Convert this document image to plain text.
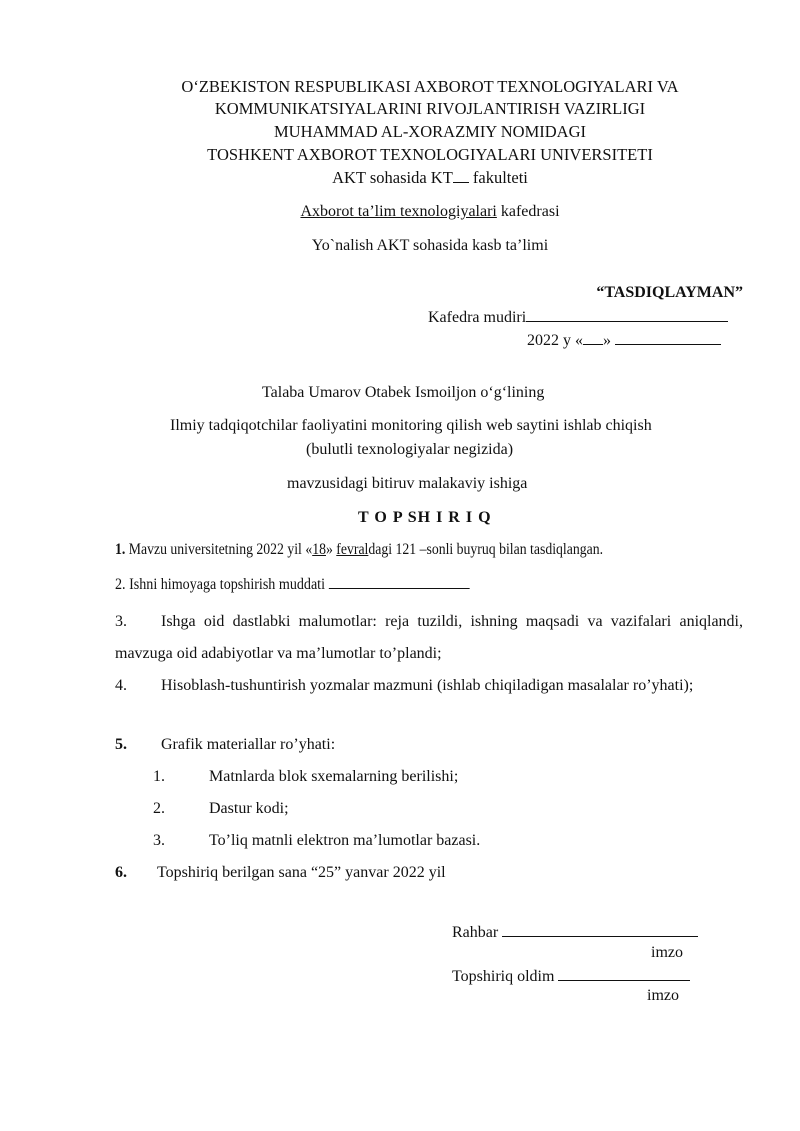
O‘ZBEKISTON RESPUBLIKASI AXBOROT TEXNOLOGIYALARI VA
KOMMUNIKATSIYALARINI RIVOJLANTIRISH VAZIRLIGI
MUHAMMAD AL-XORAZMIY NOMIDAGI
TOSHKENT AXBOROT TEXNOLOGIYALARI UNIVERSITETI
AKT sohasida KT fakulteti
Axborot ta’lim texnologiyalari kafedrasi
Yo`nalish AKT sohasida kasb ta’limi
“TASDIQLAYMAN”
Kafedra mudiri
2022 y « »
Talaba Umarov Otabek Ismoiljon o‘g‘lining
Ilmiy tadqiqotchilar faoliyatini monitoring qilish web saytini ishlab chiqish
(bulutli texnologiyalar negizida)
mavzusidagi bitiruv malakaviy ishiga
T O P SH I R I Q
1. Mavzu universitetning 2022 yil «18» fevraldagi 121 –sonli buyruq bilan tasdiqlangan.
2. Ishni himoyaga topshirish muddati
3. Ishga oid dastlabki malumotlar: reja tuzildi, ishning maqsadi va vazifalari aniqlandi, mavzuga oid adabiyotlar va ma’lumotlar to’plandi;
4. Hisoblash-tushuntirish yozmalar mazmuni (ishlab chiqiladigan masalalar ro’yhati);
5. Grafik materiallar ro’yhati:
1.	Matnlarda blok sxemalarning berilishi;
2.	Dastur kodi;
3.	To’liq matnli elektron ma’lumotlar bazasi.
6. Topshiriq berilgan sana “25” yanvar 2022 yil
Rahbar
imzo
Topshiriq oldim
imzo
